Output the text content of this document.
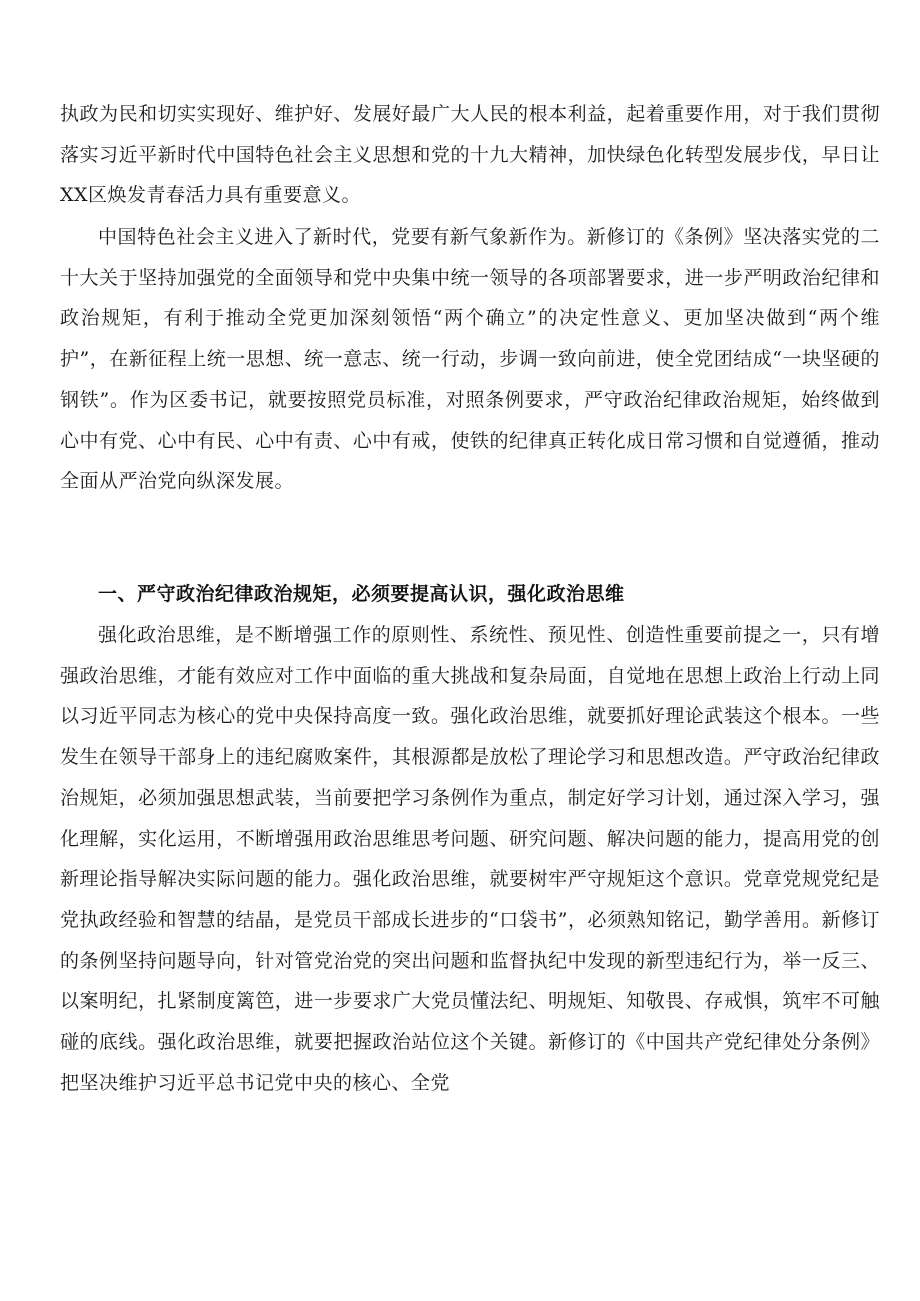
执政为民和切实实现好、维护好、发展好最广大人民的根本利益，起着重要作用，对于我们贯彻落实习近平新时代中国特色社会主义思想和党的十九大精神，加快绿色化转型发展步伐，早日让XX区焕发青春活力具有重要意义。

中国特色社会主义进入了新时代，党要有新气象新作为。新修订的《条例》坚决落实党的二十大关于坚持加强党的全面领导和党中央集中统一领导的各项部署要求，进一步严明政治纪律和政治规矩，有利于推动全党更加深刻领悟“两个确立”的决定性意义、更加坚决做到“两个维护”，在新征程上统一思想、统一意志、统一行动，步调一致向前进，使全党团结成“一块坚硬的钢铁”。作为区委书记，就要按照党员标准，对照条例要求，严守政治纪律政治规矩，始终做到心中有党、心中有民、心中有责、心中有戒，使铁的纪律真正转化成日常习惯和自觉遵循，推动全面从严治党向纵深发展。

一、严守政治纪律政治规矩，必须要提高认识，强化政治思维

强化政治思维，是不断增强工作的原则性、系统性、预见性、创造性重要前提之一，只有增强政治思维，才能有效应对工作中面临的重大挑战和复杂局面，自觉地在思想上政治上行动上同以习近平同志为核心的党中央保持高度一致。强化政治思维，就要抓好理论武装这个根本。一些发生在领导干部身上的违纪腐败案件，其根源都是放松了理论学习和思想改造。严守政治纪律政治规矩，必须加强思想武装，当前要把学习条例作为重点，制定好学习计划，通过深入学习，强化理解，实化运用，不断增强用政治思维思考问题、研究问题、解决问题的能力，提高用党的创新理论指导解决实际问题的能力。强化政治思维，就要树牢严守规矩这个意识。党章党规党纪是党执政经验和智慧的结晶，是党员干部成长进步的“口袋书”，必须熟知铭记，勤学善用。新修订的条例坚持问题导向，针对管党治党的突出问题和监督执纪中发现的新型违纪行为，举一反三、以案明纪，扎紧制度篱笆，进一步要求广大党员懂法纪、明规矩、知敬畏、存戒惧，筑牢不可触碰的底线。强化政治思维，就要把握政治站位这个关键。新修订的《中国共产党纪律处分条例》把坚决维护习近平总书记党中央的核心、全党
